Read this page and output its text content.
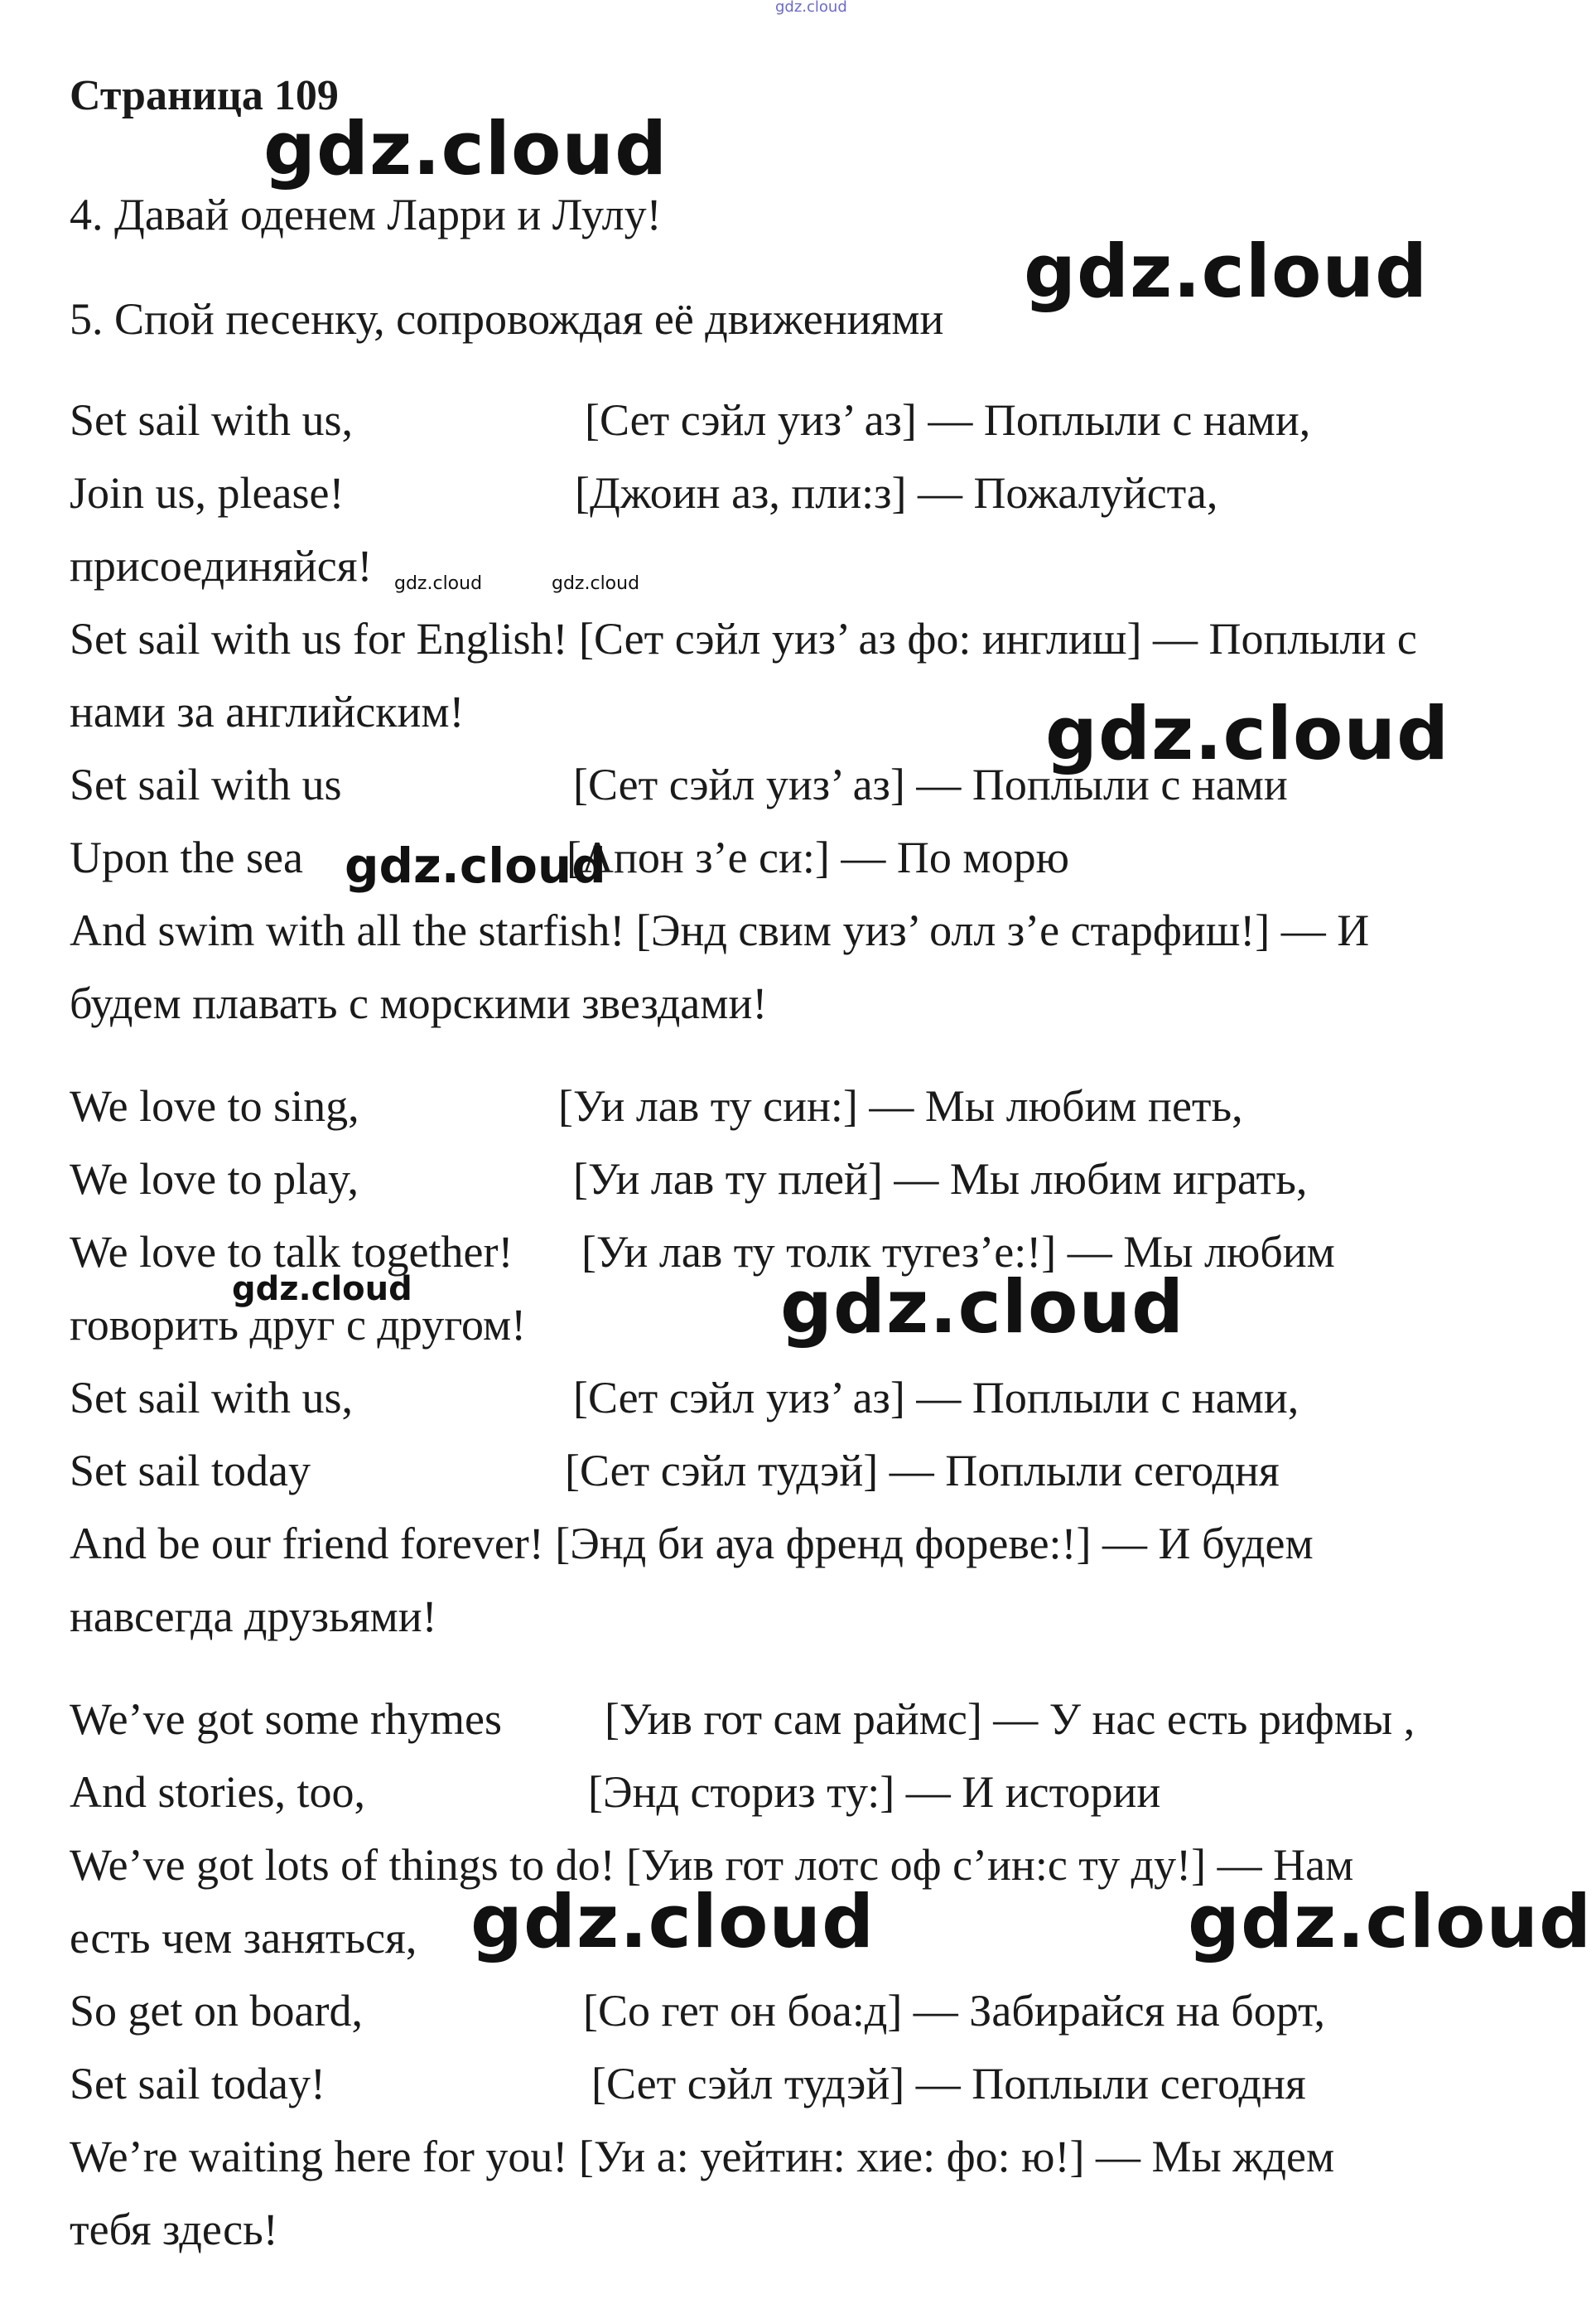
gdz.cloud
Страница 109
gdz.cloud
4. Давай оденем Ларри и Лулу!
gdz.cloud
5. Спой песенку, сопровождая её движениями
Set sail with us,	[Сет сэйл уиз’ аз] — Поплыли с нами,
Join us, please!	[Джоин аз, пли:з] — Пожалуйста,
присоединяйся! gdz.cloud	gdz.cloud
Set sail with us for English! [Сет сэйл уиз’ аз фо: инглиш] — Поплыли с
нами за английским!	gdz.cloud
Set sail with us	[Сет сэйл уиз’ аз] — Поплыли с нами
Upon the sea	[Апон з’е си:] — По морю
gdz.cloud
And swim with all the starfish! [Энд свим уиз’ олл з’е старфиш!] — И
будем плавать с морскими звездами!
We love to sing,	[Уи лав ту син:] — Мы любим петь,
We love to play,	[Уи лав ту плей] — Мы любим играть,
We love to talk together! [Уи лав ту толк тугез’е:!] — Мы любим
говорить друг с другом!
gdz.cloud	gdz.cloud
Set sail with us,	[Сет сэйл уиз’ аз] — Поплыли с нами,
Set sail today	[Сет сэйл тудэй] — Поплыли сегодня
And be our friend forever! [Энд би ауа френд фореве:!] — И будем
навсегда друзьями!
We’ve got some rhymes [Уив гот сам раймс] — У нас есть рифмы ,
And stories, too,	[Энд сториз ту:] — И истории
We’ve got lots of things to do! [Уив гот лотс оф с’ин:с ту ду!] — Нам
есть чем заняться, gdz.cloud	gdz.cloud
So get on board,	[Со гет он боа:д] — Забирайся на борт,
Set sail today!	[Сет сэйл тудэй] — Поплыли сегодня
We’re waiting here for you! [Уи а: уейтин: хие: фо: ю!] — Мы ждем
тебя здесь!
